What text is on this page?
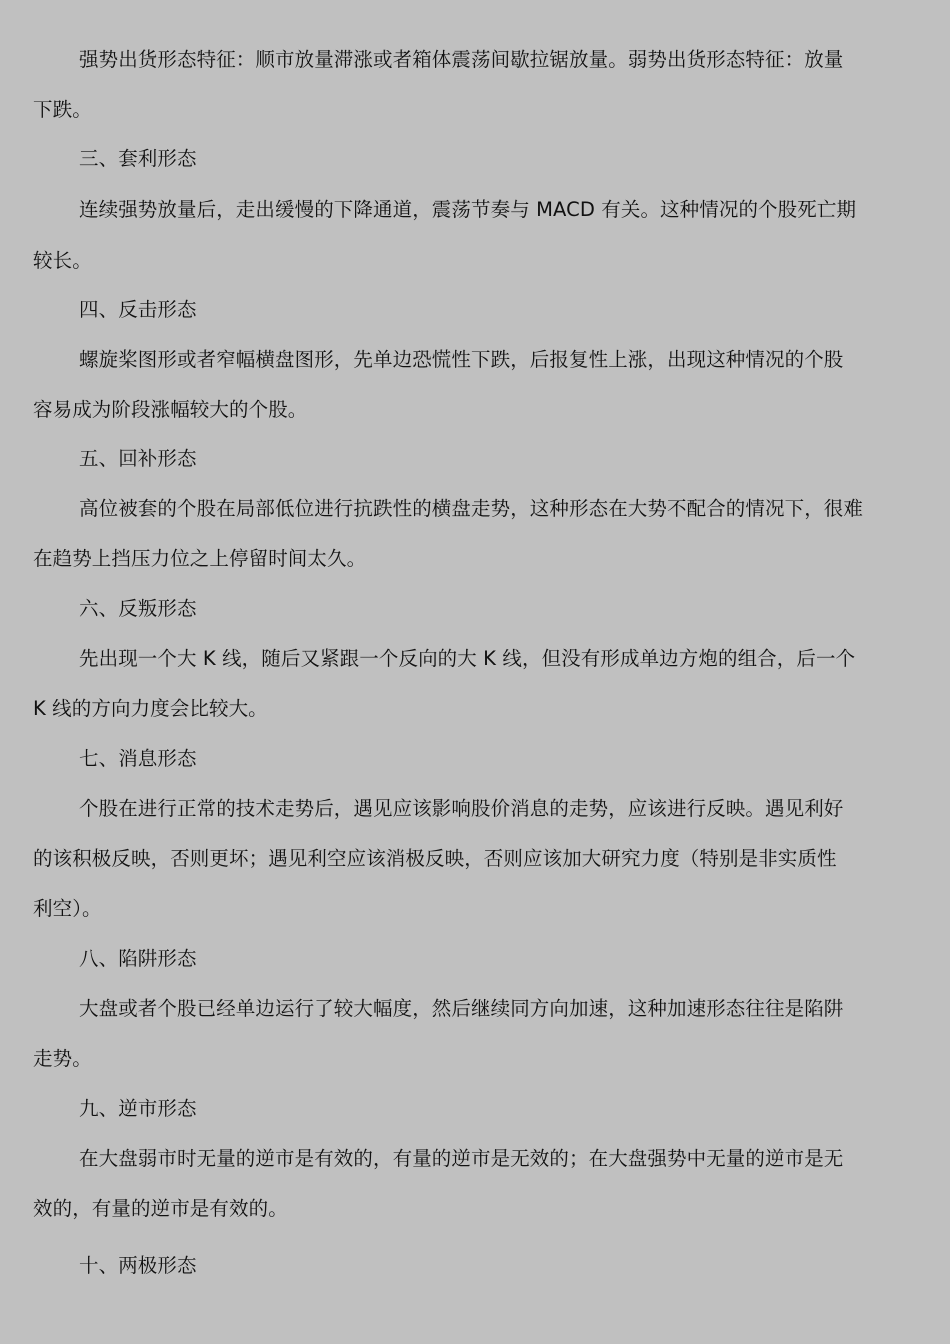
强势出货形态特征：顺市放量滞涨或者箱体震荡间歇拉锯放量。弱势出货形态特征：放量
下跌。
三、套利形态
连续强势放量后，走出缓慢的下降通道，震荡节奏与 MACD 有关。这种情况的个股死亡期
较长。
四、反击形态
螺旋桨图形或者窄幅横盘图形，先单边恐慌性下跌，后报复性上涨，出现这种情况的个股
容易成为阶段涨幅较大的个股。
五、回补形态
高位被套的个股在局部低位进行抗跌性的横盘走势，这种形态在大势不配合的情况下，很难
在趋势上挡压力位之上停留时间太久。
六、反叛形态
先出现一个大 K 线，随后又紧跟一个反向的大 K 线，但没有形成单边方炮的组合，后一个
K 线的方向力度会比较大。
七、消息形态
个股在进行正常的技术走势后，遇见应该影响股价消息的走势，应该进行反映。遇见利好
的该积极反映，否则更坏；遇见利空应该消极反映，否则应该加大研究力度（特别是非实质性
利空）。
八、陷阱形态
大盘或者个股已经单边运行了较大幅度，然后继续同方向加速，这种加速形态往往是陷阱
走势。
九、逆市形态
在大盘弱市时无量的逆市是有效的，有量的逆市是无效的；在大盘强势中无量的逆市是无
效的，有量的逆市是有效的。
十、两极形态
